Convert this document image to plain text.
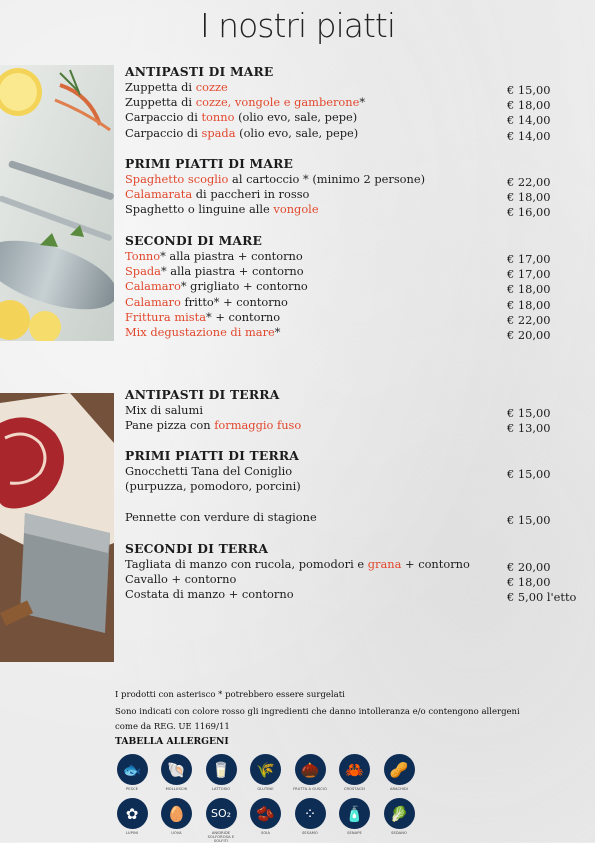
I nostri piatti
ANTIPASTI DI MARE
Zuppetta di cozze	€ 15,00
Zuppetta di cozze, vongole e gamberone*	€ 18,00
Carpaccio di tonno (olio evo, sale, pepe)	€ 14,00
Carpaccio di spada (olio evo, sale, pepe)	€ 14,00
PRIMI PIATTI DI MARE
Spaghetto scoglio al cartoccio * (minimo 2 persone)	€ 22,00
Calamarata di paccheri in rosso	€ 18,00
Spaghetto o linguine alle vongole	€ 16,00
SECONDI DI MARE
Tonno* alla piastra + contorno	€ 17,00
Spada* alla piastra + contorno	€ 17,00
Calamaro* grigliato + contorno	€ 18,00
Calamaro fritto* + contorno	€ 18,00
Frittura mista* + contorno	€ 22,00
Mix degustazione di mare*	€ 20,00
ANTIPASTI DI TERRA
Mix di salumi	€ 15,00
Pane pizza con formaggio fuso	€ 13,00
PRIMI PIATTI DI TERRA
Gnocchetti Tana del Coniglio	€ 15,00
(purpuzza, pomodoro, porcini)
Pennette con verdure di stagione	€ 15,00
SECONDI DI TERRA
Tagliata di manzo con rucola, pomodori e grana + contorno	€ 20,00
Cavallo + contorno	€ 18,00
Costata di manzo + contorno	€ 5,00 l'etto
I prodotti con asterisco * potrebbero essere surgelati
Sono indicati con colore rosso gli ingredienti che danno intolleranza e/o contengono allergeni
come da REG. UE 1169/11
TABELLA ALLERGENI
🐟
PESCE
🐚
MOLLUSCHI
🥛
LATTOSIO
🌾
GLUTINE
🌰
FRUTTA A GUSCIO
🦀
CROSTACEI
🥜
ARACHIDI
✿
LUPINI
🥚
UOVA
SO₂
ANIDRIDE SOLFOROSA E SOLFITI
🫘
SOIA
⁘
SESAMO
🧴
SENAPE
🥬
SEDANO
